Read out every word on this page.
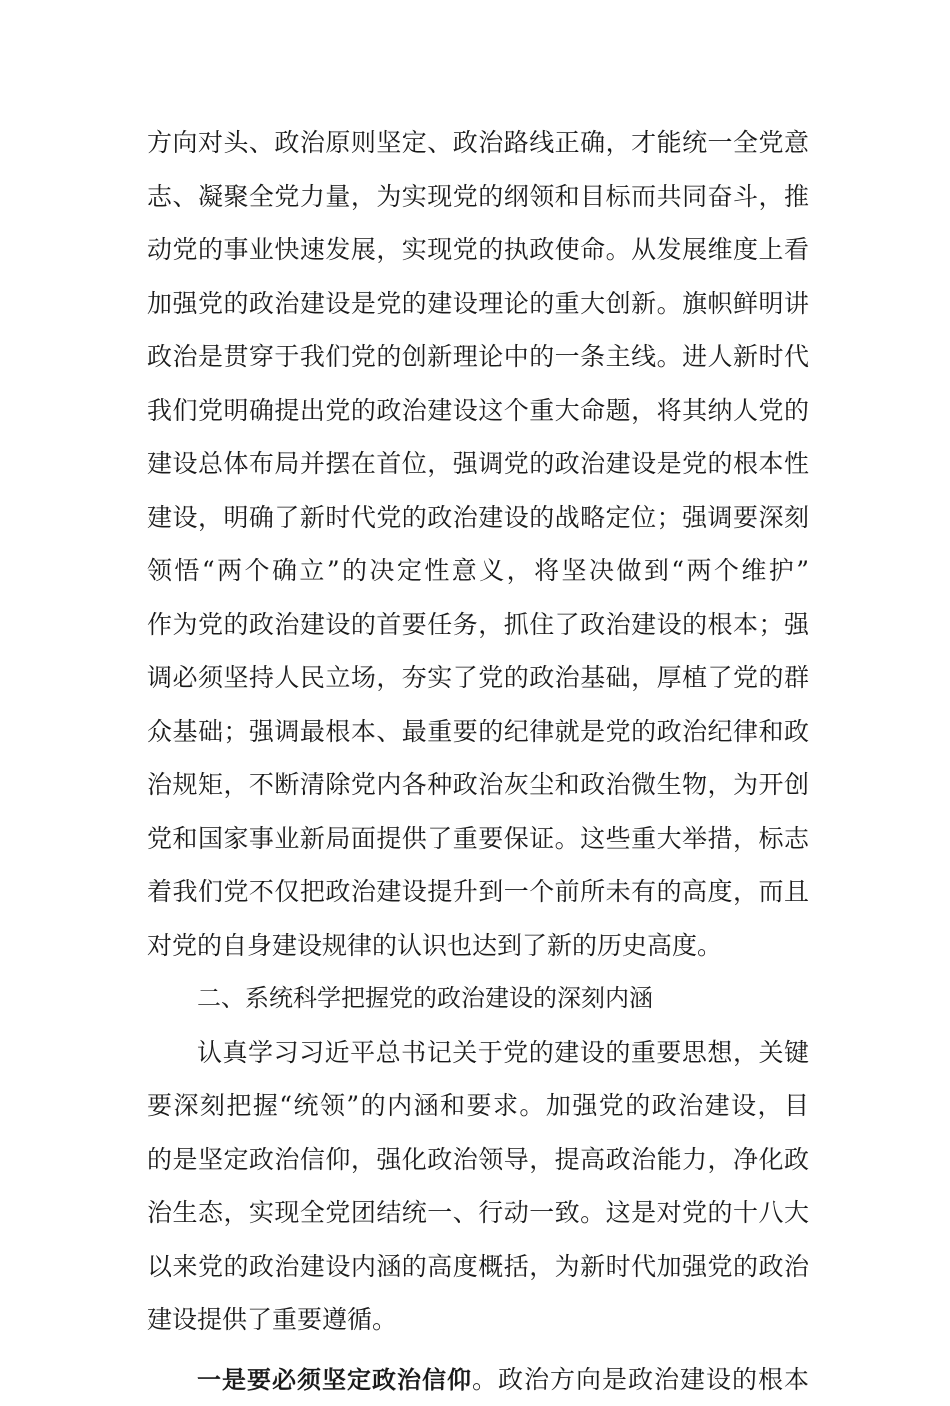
方向对头、政治原则坚定、政治路线正确，才能统一全党意
志、凝聚全党力量，为实现党的纲领和目标而共同奋斗，推
动党的事业快速发展，实现党的执政使命。从发展维度上看
加强党的政治建设是党的建设理论的重大创新。旗帜鲜明讲
政治是贯穿于我们党的创新理论中的一条主线。进人新时代
我们党明确提出党的政治建设这个重大命题，将其纳人党的
建设总体布局并摆在首位，强调党的政治建设是党的根本性
建设，明确了新时代党的政治建设的战略定位；强调要深刻
领悟“两个确立”的决定性意义，将坚决做到“两个维护”
作为党的政治建设的首要任务，抓住了政治建设的根本；强
调必须坚持人民立场，夯实了党的政治基础，厚植了党的群
众基础；强调最根本、最重要的纪律就是党的政治纪律和政
治规矩，不断清除党内各种政治灰尘和政治微生物，为开创
党和国家事业新局面提供了重要保证。这些重大举措，标志
着我们党不仅把政治建设提升到一个前所未有的高度，而且
对党的自身建设规律的认识也达到了新的历史高度。
二、系统科学把握党的政治建设的深刻内涵
认真学习习近平总书记关于党的建设的重要思想，关键
要深刻把握“统领”的内涵和要求。加强党的政治建设，目
的是坚定政治信仰，强化政治领导，提高政治能力，净化政
治生态，实现全党团结统一、行动一致。这是对党的十八大
以来党的政治建设内涵的高度概括，为新时代加强党的政治
建设提供了重要遵循。
一是要必须坚定政治信仰。政治方向是政治建设的根本
